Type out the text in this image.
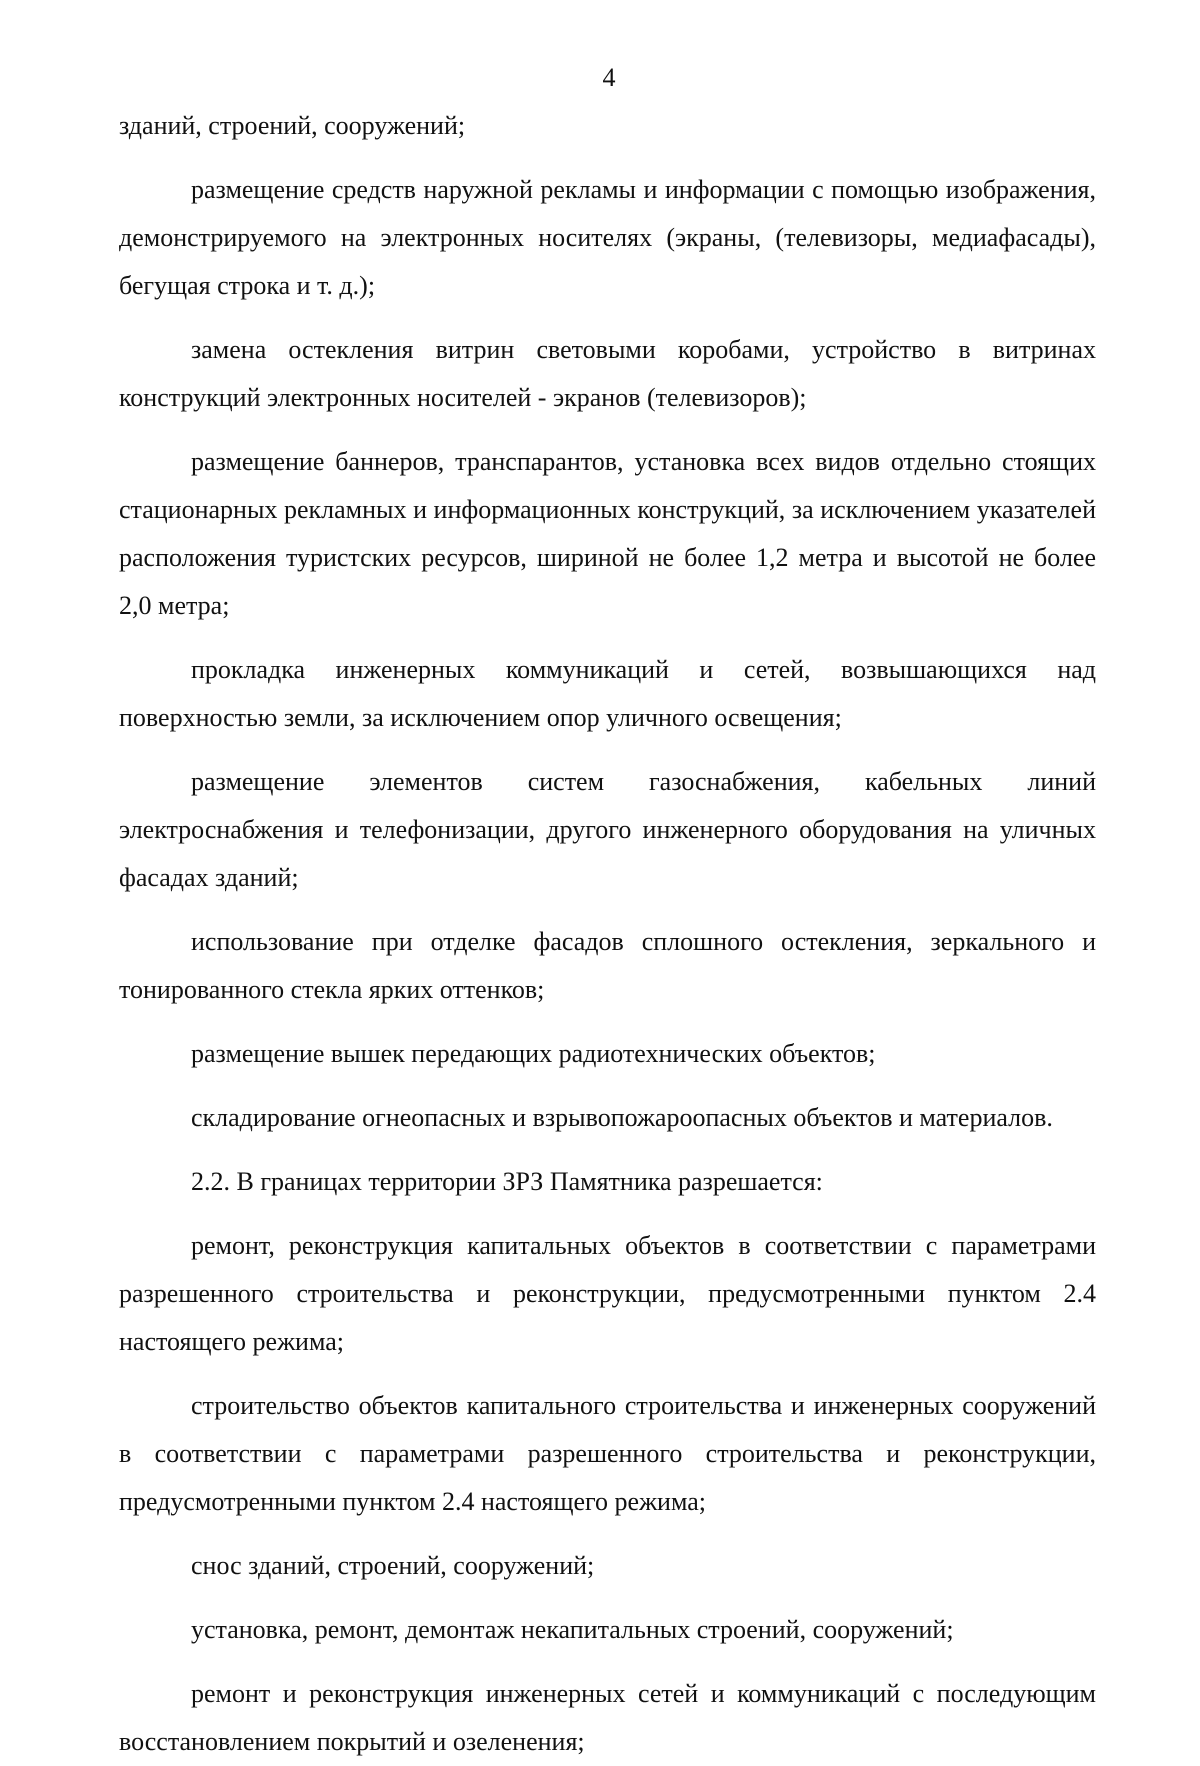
4

зданий, строений, сооружений;

размещение средств наружной рекламы и информации с помощью изображения, демонстрируемого на электронных носителях (экраны, (телевизоры, медиафасады), бегущая строка и т. д.);

замена остекления витрин световыми коробами, устройство в витринах конструкций электронных носителей - экранов (телевизоров);

размещение баннеров, транспарантов, установка всех видов отдельно стоящих стационарных рекламных и информационных конструкций, за исключением указателей расположения туристских ресурсов, шириной не более 1,2 метра и высотой не более 2,0 метра;

прокладка инженерных коммуникаций и сетей, возвышающихся над поверхностью земли, за исключением опор уличного освещения;

размещение элементов систем газоснабжения, кабельных линий электроснабжения и телефонизации, другого инженерного оборудования на уличных фасадах зданий;

использование при отделке фасадов сплошного остекления, зеркального и тонированного стекла ярких оттенков;

размещение вышек передающих радиотехнических объектов;

складирование огнеопасных и взрывопожароопасных объектов и материалов.

2.2. В границах территории ЗРЗ Памятника разрешается:

ремонт, реконструкция капитальных объектов в соответствии с параметрами разрешенного строительства и реконструкции, предусмотренными пунктом 2.4 настоящего режима;

строительство объектов капитального строительства и инженерных сооружений в соответствии с параметрами разрешенного строительства и реконструкции, предусмотренными пунктом 2.4 настоящего режима;

снос зданий, строений, сооружений;

установка, ремонт, демонтаж некапитальных строений, сооружений;

ремонт и реконструкция инженерных сетей и коммуникаций с последующим восстановлением покрытий и озеленения;
